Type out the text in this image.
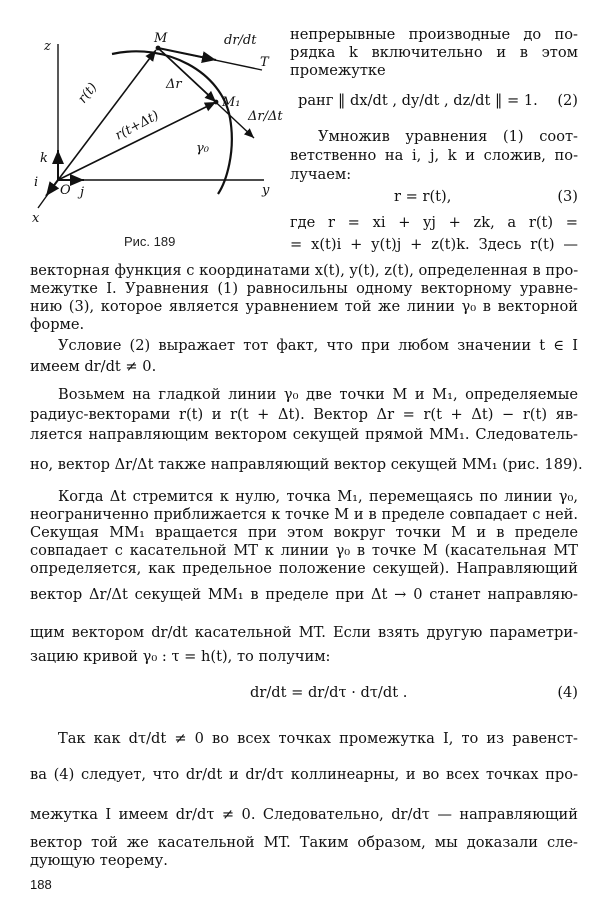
z
M	dr/dt
T
r(t)	Δr
M₁
Δr/Δt
r(t+Δt)
γ₀
k
i
O j	y
x
Рис. 189
непрерывные производные до по-
рядка k включительно и в этом
промежутке
ранг ‖ dx/dt , dy/dt , dz/dt ‖ = 1. (2)
Умножив уравнения (1) соот-
ветственно на i, j, k и сложив, по-
лучаем:
r = r(t),	(3)
где r = xi + yj + zk, а r(t) =
= x(t)i + y(t)j + z(t)k. Здесь r(t) —
векторная функция с координатами x(t), y(t), z(t), определенная в про-
межутке I. Уравнения (1) равносильны одному векторному уравне-
нию (3), которое является уравнением той же линии γ₀ в векторной
форме.
Условие (2) выражает тот факт, что при любом значении t ∈ I
имеем dr/dt ≠ 0.
Возьмем на гладкой линии γ₀ две точки M и M₁, определяемые
радиус-векторами r(t) и r(t + Δt). Вектор Δr = r(t + Δt) − r(t) яв-
ляется направляющим вектором секущей прямой MM₁. Следователь-
но, вектор Δr/Δt также направляющий вектор секущей MM₁ (рис. 189).
Когда Δt стремится к нулю, точка M₁, перемещаясь по линии γ₀,
неограниченно приближается к точке M и в пределе совпадает с ней.
Секущая MM₁ вращается при этом вокруг точки M и в пределе
совпадает с касательной MT к линии γ₀ в точке M (касательная MT
определяется, как предельное положение секущей). Направляющий
вектор Δr/Δt секущей MM₁ в пределе при Δt → 0 станет направляю-
щим вектором dr/dt касательной MT. Если взять другую параметри-
зацию кривой γ₀ : τ = h(t), то получим:
dr/dt = dr/dτ · dτ/dt .	(4)
Так как dτ/dt ≠ 0 во всех точках промежутка I, то из равенст-
ва (4) следует, что dr/dt и dr/dτ коллинеарны, и во всех точках про-
межутка I имеем dr/dτ ≠ 0. Следовательно, dr/dτ — направляющий
вектор той же касательной MT. Таким образом, мы доказали сле-
дующую теорему.
188
